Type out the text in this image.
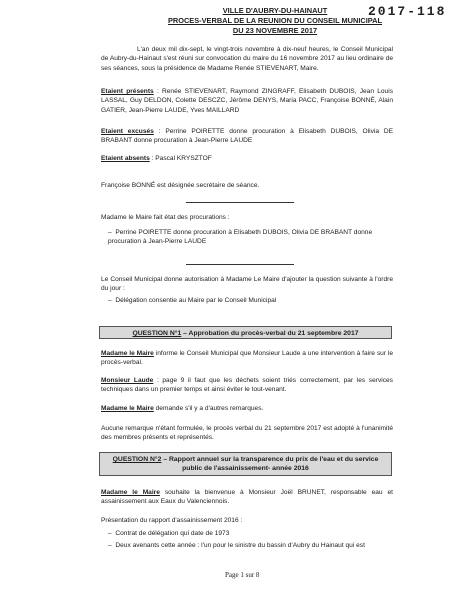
2017-118
VILLE D'AUBRY-DU-HAINAUT
PROCES-VERBAL DE LA REUNION DU CONSEIL MUNICIPAL
DU 23 NOVEMBRE 2017
L'an deux mil dix-sept, le vingt-trois novembre à dix-neuf heures, le Conseil Municipal de Aubry-du-Hainaut s'est réuni sur convocation du maire du 16 novembre 2017 au lieu ordinaire de ses séances, sous la présidence de Madame Renée STIEVENART, Maire.
Etaient présents : Renée STIEVENART, Raymond ZINGRAFF, Elisabeth DUBOIS, Jean Louis LASSAL, Guy DELDON, Colette DESCZC, Jérôme DENYS, Maria PACC, Françoise BONNÉ, Alain GATIER, Jean-Pierre LAUDE, Yves MAILLARD
Etaient excusés : Perrine POIRETTE donne procuration à Elisabeth DUBOIS, Olivia DE BRABANT donne procuration à Jean-Pierre LAUDE
Etaient absents : Pascal KRYSZTOF
Françoise BONNÉ est désignée secrétaire de séance.
Madame le Maire fait état des procurations :
–  Perrine POIRETTE donne procuration à Elisabeth DUBOIS, Olivia DE BRABANT donne procuration à Jean-Pierre LAUDE
Le Conseil Municipal donne autorisation à Madame Le Maire d'ajouter la question suivante à l'ordre du jour :
–  Délégation consentie au Maire par le Conseil Municipal
QUESTION N°1 – Approbation du procès-verbal du 21 septembre 2017
Madame le Maire informe le Conseil Municipal que Monsieur Laude a une intervention à faire sur le procès-verbal.
Monsieur Laude : page 9 il faut que les déchets soient triés correctement, par les services techniques dans un premier temps et ainsi éviter le tout-venant.
Madame le Maire demande s'il y a d'autres remarques.
Aucune remarque n'étant formulée, le procès verbal du 21 septembre 2017 est adopté à l'unanimité des membres présents et représentés.
QUESTION N°2 – Rapport annuel sur la transparence du prix de l'eau et du service public de l'assainissement- année 2016
Madame le Maire souhaite la bienvenue à Monsieur Joël BRUNET, responsable eau et assainissement aux Eaux du Valenciennois.
Présentation du rapport d'assainissement 2016 :
–  Contrat de délégation qui date de 1973
–  Deux avenants cette année : l'un pour le sinistre du bassin d'Aubry du Hainaut qui est
Page 1 sur 8
